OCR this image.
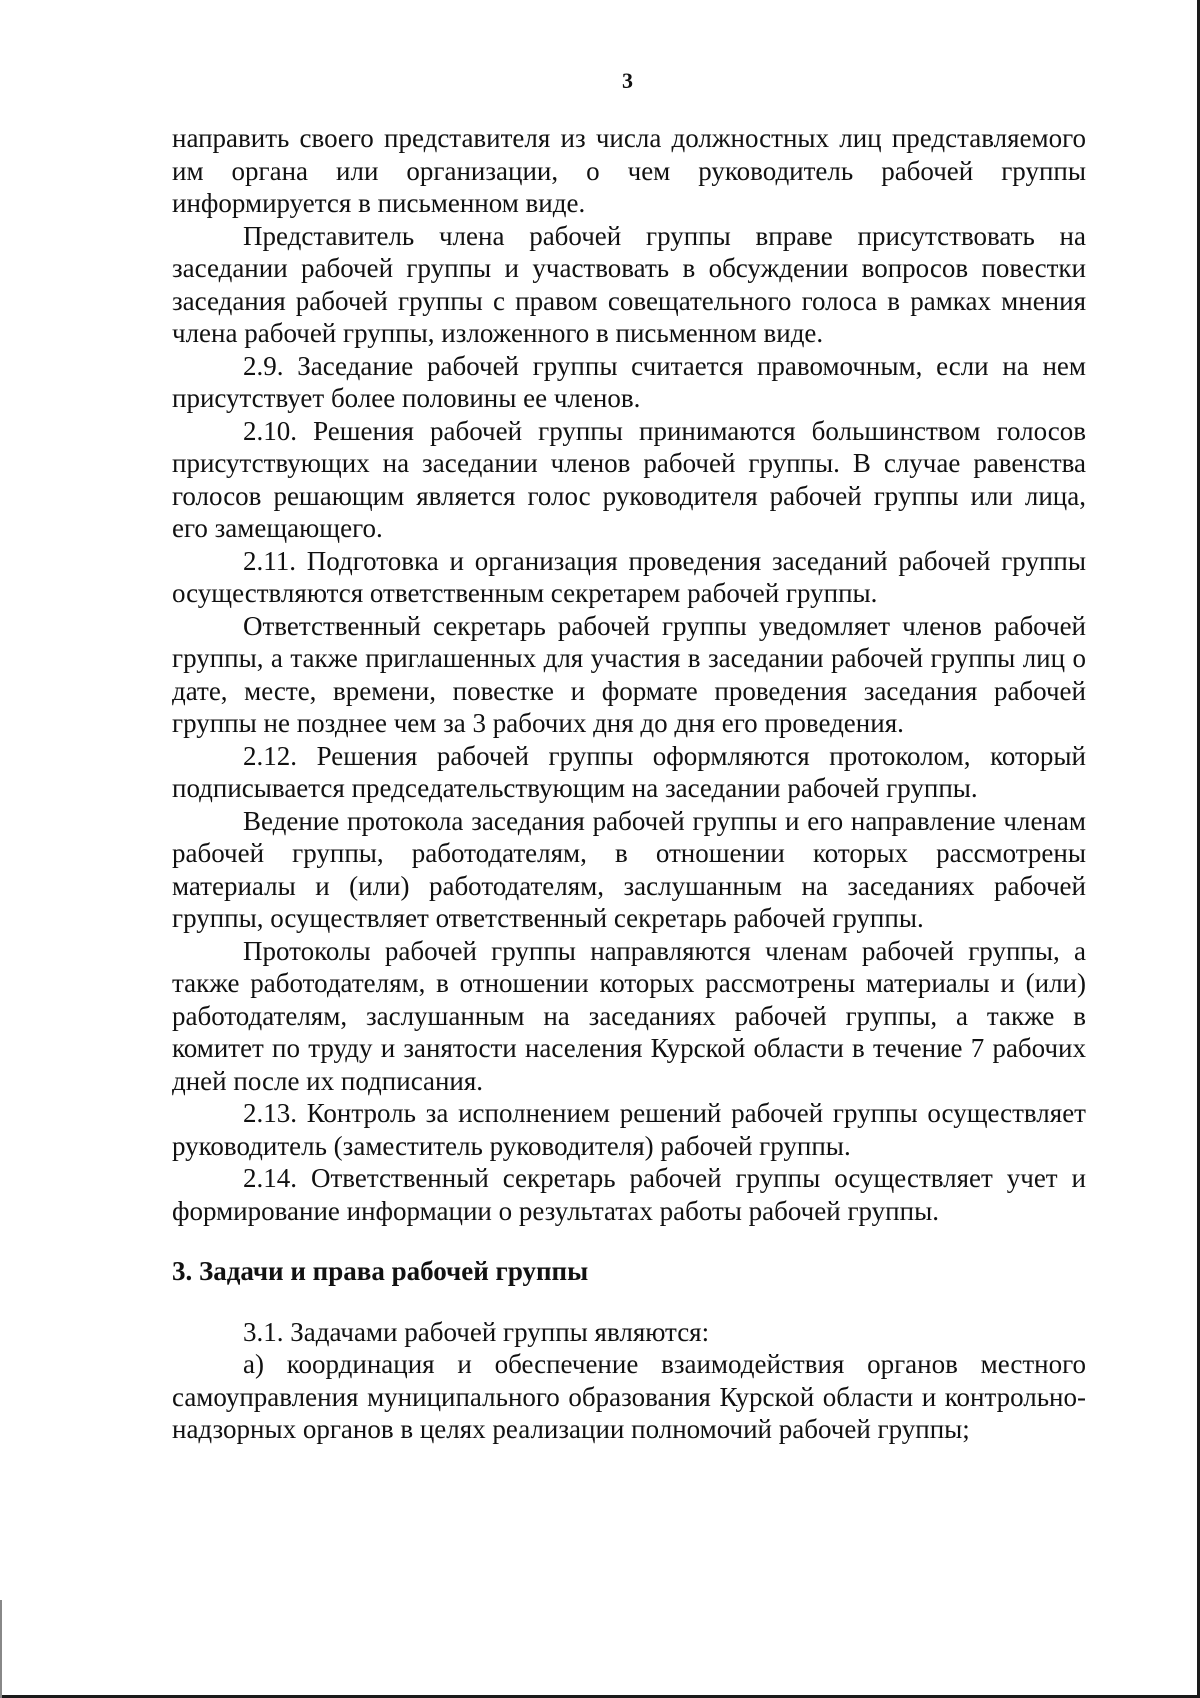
3

направить своего представителя из числа должностных лиц представляемого им органа или организации, о чем руководитель рабочей группы информируется в письменном виде.

Представитель члена рабочей группы вправе присутствовать на заседании рабочей группы и участвовать в обсуждении вопросов повестки заседания рабочей группы с правом совещательного голоса в рамках мнения члена рабочей группы, изложенного в письменном виде.

2.9. Заседание рабочей группы считается правомочным, если на нем присутствует более половины ее членов.

2.10. Решения рабочей группы принимаются большинством голосов присутствующих на заседании членов рабочей группы. В случае равенства голосов решающим является голос руководителя рабочей группы или лица, его замещающего.

2.11. Подготовка и организация проведения заседаний рабочей группы осуществляются ответственным секретарем рабочей группы.

Ответственный секретарь рабочей группы уведомляет членов рабочей группы, а также приглашенных для участия в заседании рабочей группы лиц о дате, месте, времени, повестке и формате проведения заседания рабочей группы не позднее чем за 3 рабочих дня до дня его проведения.

2.12. Решения рабочей группы оформляются протоколом, который подписывается председательствующим на заседании рабочей группы.

Ведение протокола заседания рабочей группы и его направление членам рабочей группы, работодателям, в отношении которых рассмотрены материалы и (или) работодателям, заслушанным на заседаниях рабочей группы, осуществляет ответственный секретарь рабочей группы.

Протоколы рабочей группы направляются членам рабочей группы, а также работодателям, в отношении которых рассмотрены материалы и (или) работодателям, заслушанным на заседаниях рабочей группы, а также в комитет по труду и занятости населения Курской области в течение 7 рабочих дней после их подписания.

2.13. Контроль за исполнением решений рабочей группы осуществляет руководитель (заместитель руководителя) рабочей группы.

2.14. Ответственный секретарь рабочей группы осуществляет учет и формирование информации о результатах работы рабочей группы.

3. Задачи и права рабочей группы

3.1. Задачами рабочей группы являются:

а) координация и обеспечение взаимодействия органов местного самоуправления муниципального образования Курской области и контрольно-надзорных органов в целях реализации полномочий рабочей группы;
